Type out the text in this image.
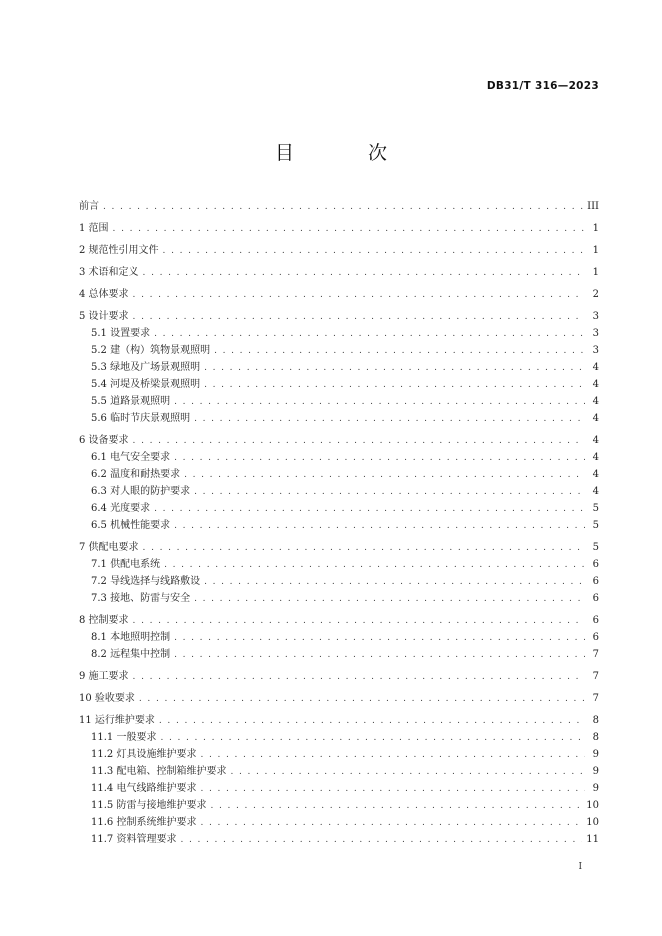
DB31/T 316—2023
目 次
前言 . . .	III
1 范围 . . .	1
2 规范性引用文件 . . .	1
3 术语和定义 . . .	1
4 总体要求 . . .	2
5 设计要求 . . .	3
5.1 设置要求 . . .	3
5.2 建（构）筑物景观照明 . . .	3
5.3 绿地及广场景观照明 . . .	4
5.4 河堤及桥梁景观照明 . . .	4
5.5 道路景观照明 . . .	4
5.6 临时节庆景观照明 . . .	4
6 设备要求 . . .	4
6.1 电气安全要求 . . .	4
6.2 温度和耐热要求 . . .	4
6.3 对人眼的防护要求 . . .	4
6.4 光度要求 . . .	5
6.5 机械性能要求 . . .	5
7 供配电要求 . . .	5
7.1 供配电系统 . . .	6
7.2 导线选择与线路敷设 . . .	6
7.3 接地、防雷与安全 . . .	6
8 控制要求 . . .	6
8.1 本地照明控制 . . .	6
8.2 远程集中控制 . . .	7
9 施工要求 . . .	7
10 验收要求 . . .	7
11 运行维护要求 . . .	8
11.1 一般要求 . . .	8
11.2 灯具设施维护要求 . . .	9
11.3 配电箱、控制箱维护要求 . . .	9
11.4 电气线路维护要求 . . .	9
11.5 防雷与接地维护要求 . . .	10
11.6 控制系统维护要求 . . .	10
11.7 资料管理要求 . . .	11
I
